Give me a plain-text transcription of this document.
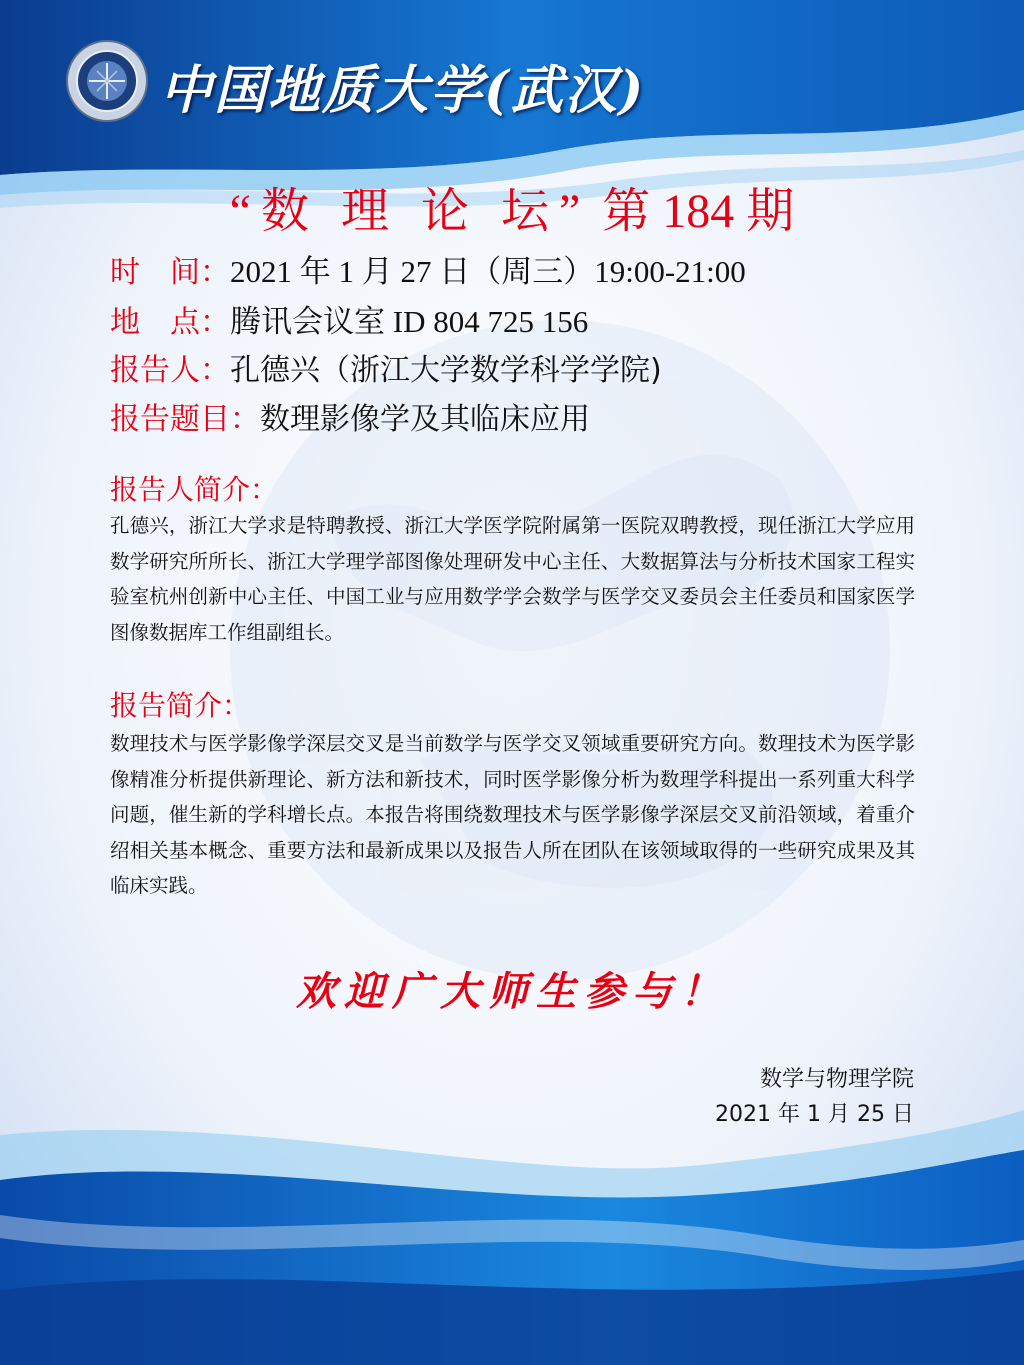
中国地质大学(武汉)
“数 理 论 坛” 第 184 期
时　间：2021 年 1 月 27 日（周三）19:00-21:00
地　点：腾讯会议室 ID 804 725 156
报告人：孔德兴（浙江大学数学科学学院)
报告题目：数理影像学及其临床应用
报告人简介：
孔德兴，浙江大学求是特聘教授、浙江大学医学院附属第一医院双聘教授，现任浙江大学应用数学研究所所长、浙江大学理学部图像处理研发中心主任、大数据算法与分析技术国家工程实验室杭州创新中心主任、中国工业与应用数学学会数学与医学交叉委员会主任委员和国家医学图像数据库工作组副组长。
报告简介：
数理技术与医学影像学深层交叉是当前数学与医学交叉领域重要研究方向。数理技术为医学影像精准分析提供新理论、新方法和新技术，同时医学影像分析为数理学科提出一系列重大科学问题，催生新的学科增长点。本报告将围绕数理技术与医学影像学深层交叉前沿领域，着重介绍相关基本概念、重要方法和最新成果以及报告人所在团队在该领域取得的一些研究成果及其临床实践。
欢迎广大师生参与！
数学与物理学院
2021 年 1 月 25 日
